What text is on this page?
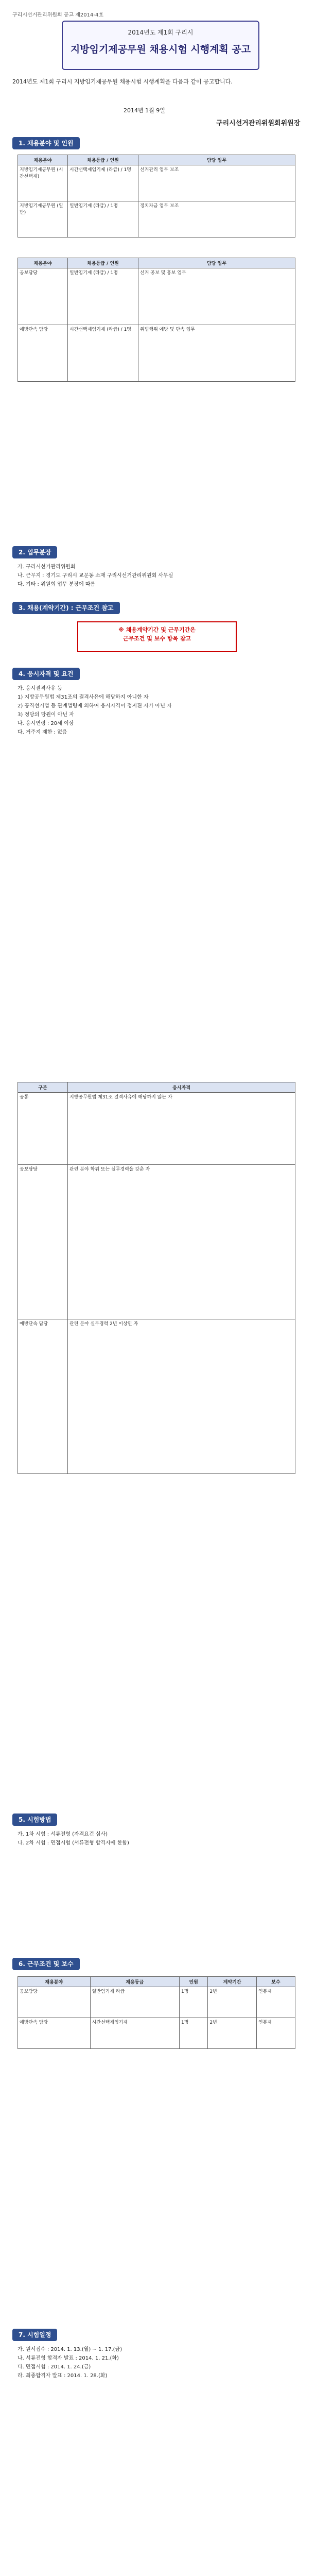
구리시선거관리위원회 공고 제2014-4호
2014년도 제1회 구리시
지방임기제공무원 채용시험 시행계획 공고
2014년도 제1회 구리시 지방임기제공무원 채용시험 시행계획을 다음과 같이 공고합니다.
2014년 1월 9일
구리시선거관리위원회위원장
1. 채용분야 및 인원
채용분야	채용등급 / 인원	담당 업무
지방임기제공무원 (시간선택제)	시간선택제임기제 (라급) / 1명	선거관리 업무 보조
지방임기제공무원 (일반)	일반임기제 (라급) / 1명	정치자금 업무 보조
채용분야	채용등급 / 인원	담당 업무
공보담당	일반임기제 (라급) / 1명	선거 공보 및 홍보 업무
예방단속 담당	시간선택제임기제 (라급) / 1명	위법행위 예방 및 단속 업무
2. 업무분장
가. 구리시선거관리위원회
나. 근무지 : 경기도 구리시 교문동 소재 구리시선거관리위원회 사무실
다. 기타 : 위원회 업무 분장에 따름
3. 채용(계약기간) : 근무조건 참고
※ 채용계약기간 및 근무기간은
근무조건 및 보수 항목 참고
4. 응시자격 및 요건
가. 응시결격사유 등
1) 지방공무원법 제31조의 결격사유에 해당하지 아니한 자
2) 공직선거법 등 관계법령에 의하여 응시자격이 정지된 자가 아닌 자
3) 정당의 당원이 아닌 자
나. 응시연령 : 20세 이상
다. 거주지 제한 : 없음
구분	응시자격
공통	지방공무원법 제31조 결격사유에 해당하지 않는 자
공보담당	관련 분야 학위 또는 실무경력을 갖춘 자
예방단속 담당	관련 분야 실무경력 2년 이상인 자
5. 시험방법
가. 1차 시험 : 서류전형 (자격요건 심사)
나. 2차 시험 : 면접시험 (서류전형 합격자에 한함)
6. 근무조건 및 보수
채용분야	채용등급	인원	계약기간	보수
공보담당	일반임기제 라급	1명	2년	연봉제
예방단속 담당	시간선택제임기제	1명	2년	연봉제
7. 시험일정
가. 원서접수 : 2014. 1. 13.(월) ~ 1. 17.(금)
나. 서류전형 합격자 발표 : 2014. 1. 21.(화)
다. 면접시험 : 2014. 1. 24.(금)
라. 최종합격자 발표 : 2014. 1. 28.(화)
